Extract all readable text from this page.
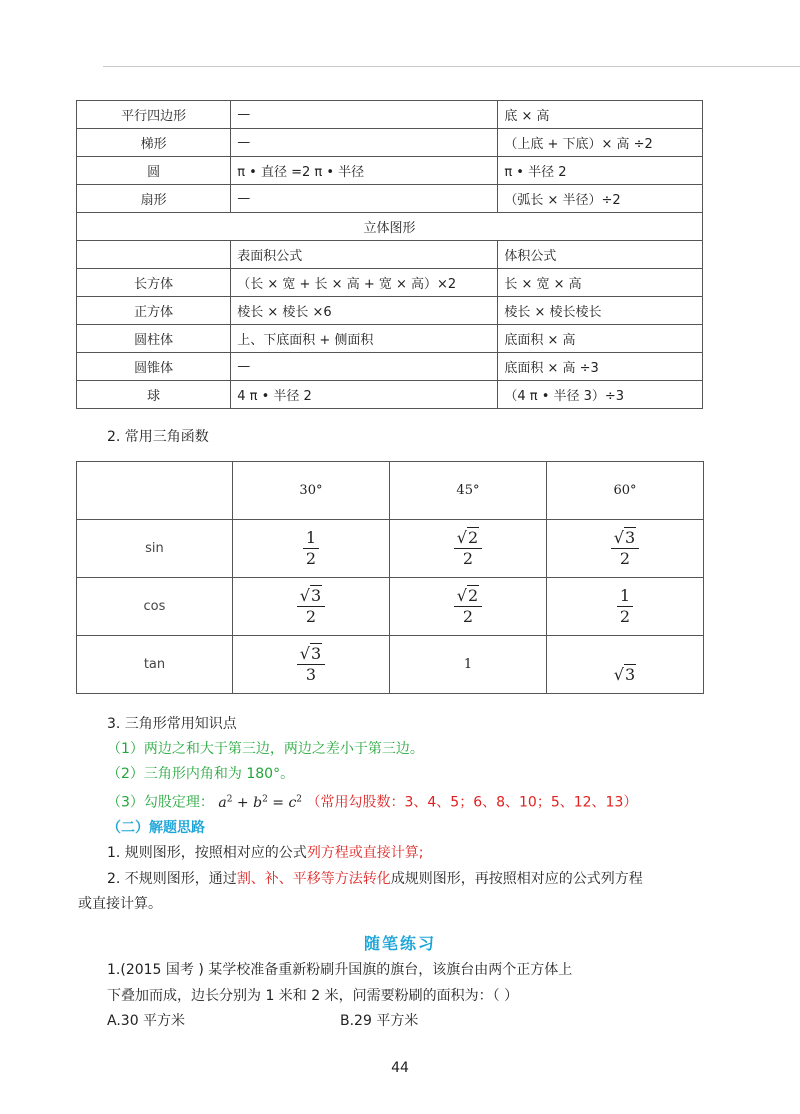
平行四边形	—	底 × 高
梯形	—	（上底 + 下底）× 高 ÷2
圆	π • 直径 =2 π • 半径	π • 半径 2
扇形	—	（弧长 × 半径）÷2
立体图形		
	表面积公式	体积公式
长方体	（长 × 宽 + 长 × 高 + 宽 × 高）×2	长 × 宽 × 高
正方体	棱长 × 棱长 ×6	棱长 × 棱长棱长
圆柱体	上、下底面积 + 侧面积	底面积 × 高
圆锥体	—	底面积 × 高 ÷3
球	4 π • 半径 2	（4 π • 半径 3）÷3
2. 常用三角函数
	30°	45°	60°
sin	$\frac{1}{2}$	$\frac{√2}{2}$	$\frac{√3}{2}$

cos	$\frac{√3}{2}$	$\frac{√2}{2}$	$\frac{1}{2}$

tan	$\frac{√3}{3}$	1	√3
3. 三角形常用知识点
（1）两边之和大于第三边，两边之差小于第三边。
（2）三角形内角和为 180°。
（3）勾股定理： $a^2 + b^2 = c^2$ （常用勾股数：3、4、5；6、8、10；5、12、13）
（二）解题思路
1. 规则图形，按照相对应的公式列方程或直接计算;
2. 不规则图形，通过割、补、平移等方法转化成规则图形，再按照相对应的公式列方程
或直接计算。
随笔练习
1.(2015 国考 ) 某学校准备重新粉刷升国旗的旗台，该旗台由两个正方体上
下叠加而成，边长分别为 1 米和 2 米，问需要粉刷的面积为：（ ）
A.30 平方米	B.29 平方米
44
